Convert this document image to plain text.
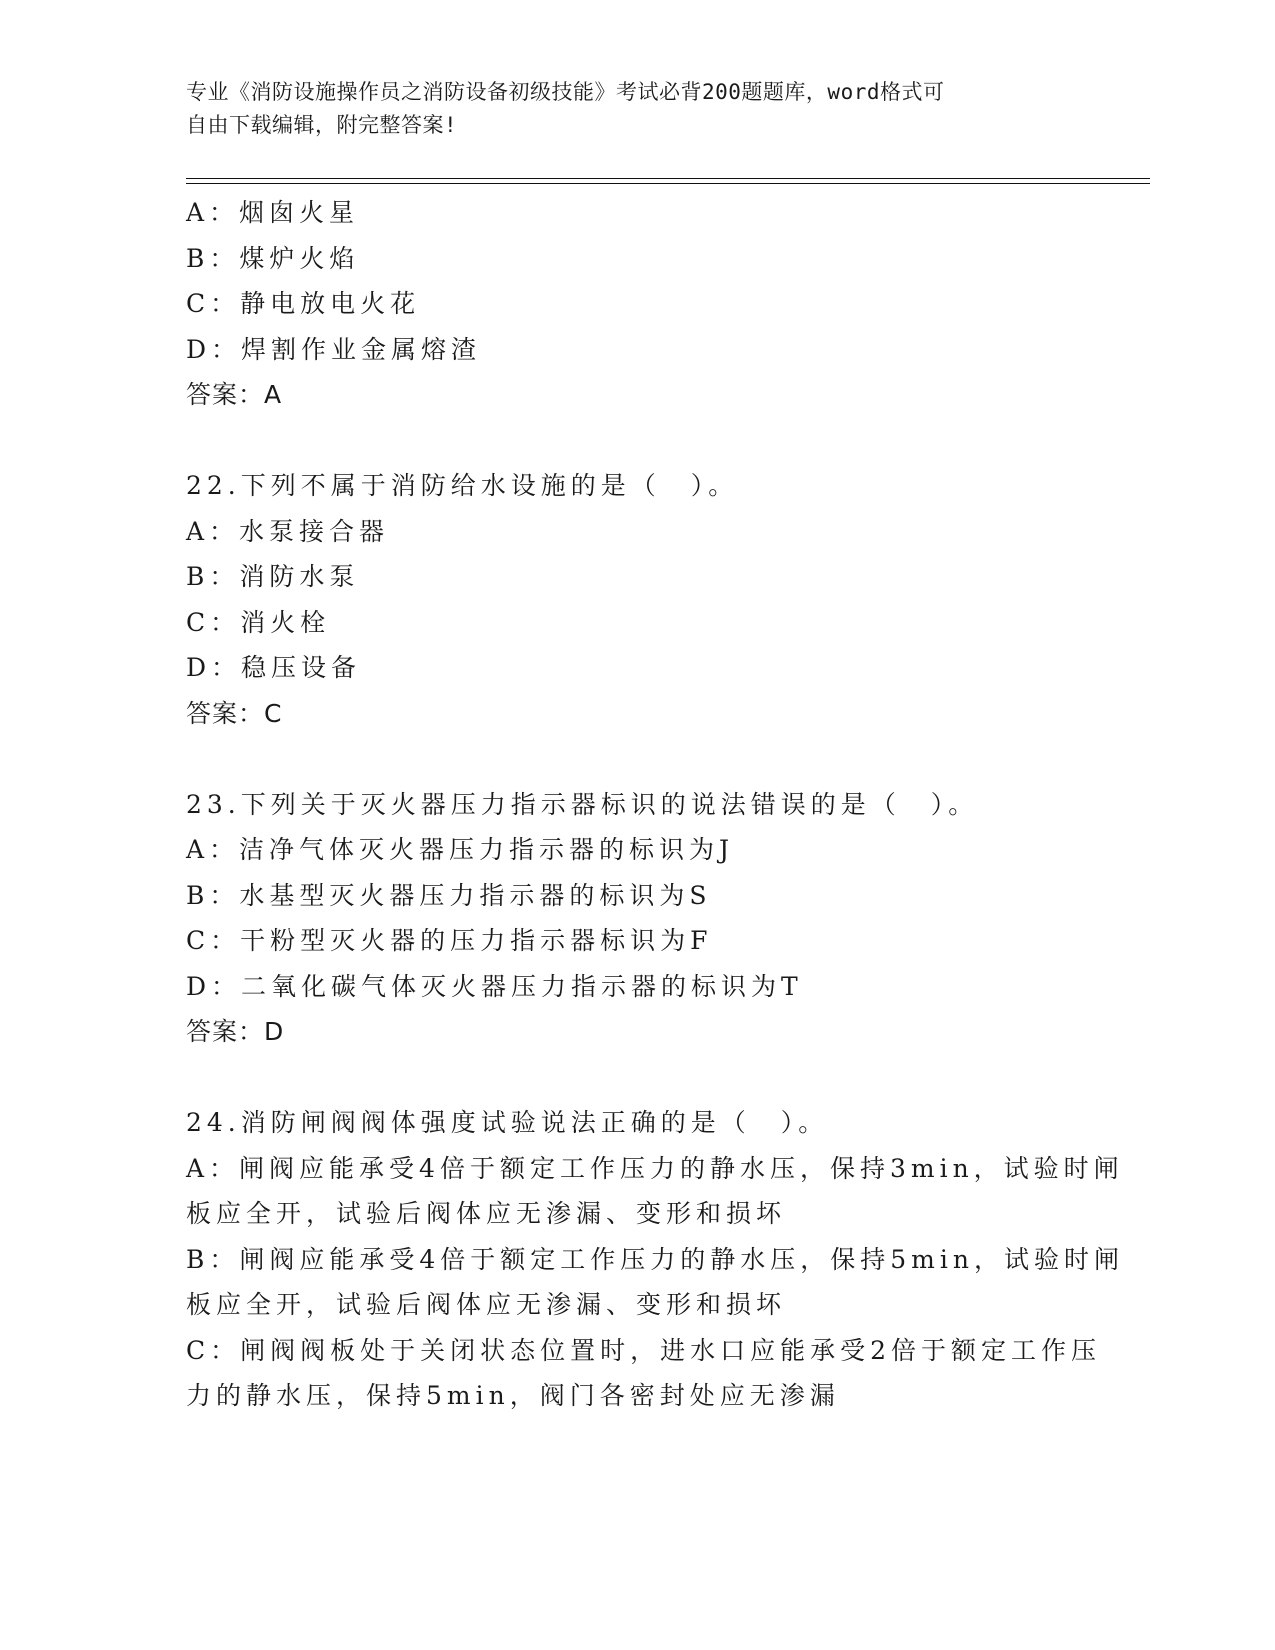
专业《消防设施操作员之消防设备初级技能》考试必背200题题库，word格式可
自由下载编辑，附完整答案!
A：烟囱火星
B：煤炉火焰
C：静电放电火花
D：焊割作业金属熔渣
答案：A
22.下列不属于消防给水设施的是（　）。
A：水泵接合器
B：消防水泵
C：消火栓
D：稳压设备
答案：C
23.下列关于灭火器压力指示器标识的说法错误的是（　）。
A：洁净气体灭火器压力指示器的标识为J
B：水基型灭火器压力指示器的标识为S
C：干粉型灭火器的压力指示器标识为F
D：二氧化碳气体灭火器压力指示器的标识为T
答案：D
24.消防闸阀阀体强度试验说法正确的是（　）。
A：闸阀应能承受4倍于额定工作压力的静水压，保持3min，试验时闸
板应全开，试验后阀体应无渗漏、变形和损坏
B：闸阀应能承受4倍于额定工作压力的静水压，保持5min，试验时闸
板应全开，试验后阀体应无渗漏、变形和损坏
C：闸阀阀板处于关闭状态位置时，进水口应能承受2倍于额定工作压
力的静水压，保持5min，阀门各密封处应无渗漏
